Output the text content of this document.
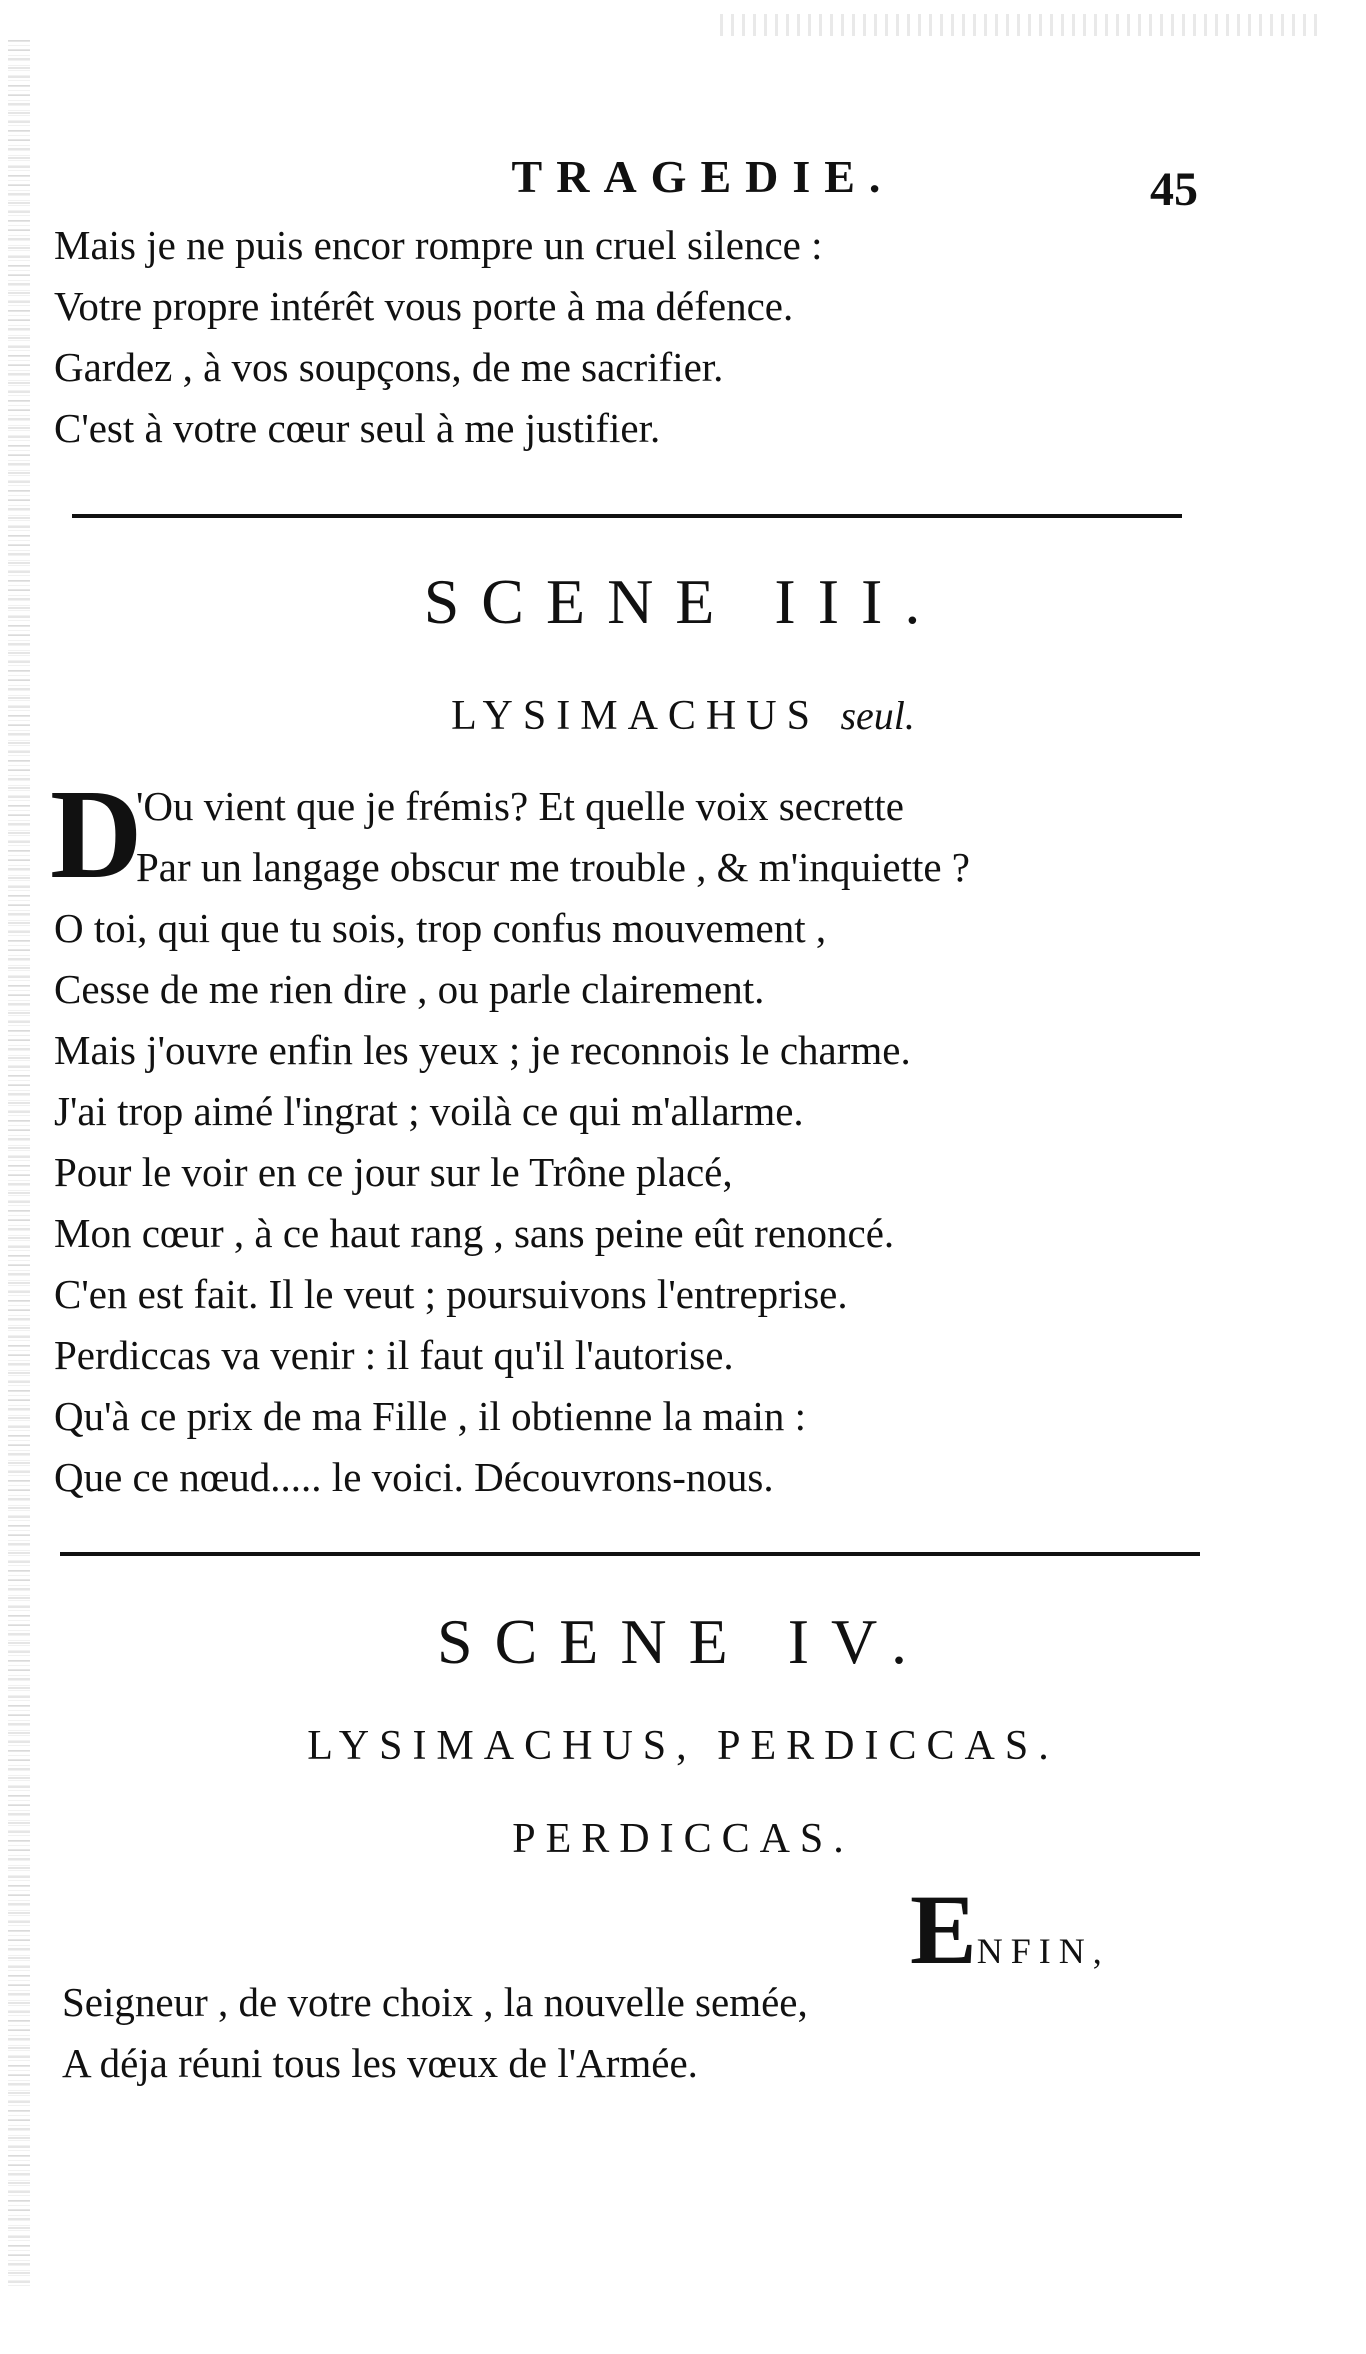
TRAGEDIE.	45
Mais je ne puis encor rompre un cruel silence :
Votre propre intérêt vous porte à ma défence.
Gardez , à vos soupçons, de me sacrifier.
C'est à votre cœur seul à me justifier.
SCENE III.
LYSIMACHUS seul.
D
'Ou vient que je frémis? Et quelle voix secrette
Par un langage obscur me trouble , & m'inquiette ?
O toi, qui que tu sois, trop confus mouvement ,
Cesse de me rien dire , ou parle clairement.
Mais j'ouvre enfin les yeux ; je reconnois le charme.
J'ai trop aimé l'ingrat ; voilà ce qui m'allarme.
Pour le voir en ce jour sur le Trône placé,
Mon cœur , à ce haut rang , sans peine eût renoncé.
C'en est fait. Il le veut ; poursuivons l'entreprise.
Perdiccas va venir : il faut qu'il l'autorise.
Qu'à ce prix de ma Fille , il obtienne la main :
Que ce nœud..... le voici. Découvrons-nous.
SCENE IV.
LYSIMACHUS, PERDICCAS.
PERDICCAS.
ENFIN,
Seigneur , de votre choix , la nouvelle semée,
A déja réuni tous les vœux de l'Armée.
